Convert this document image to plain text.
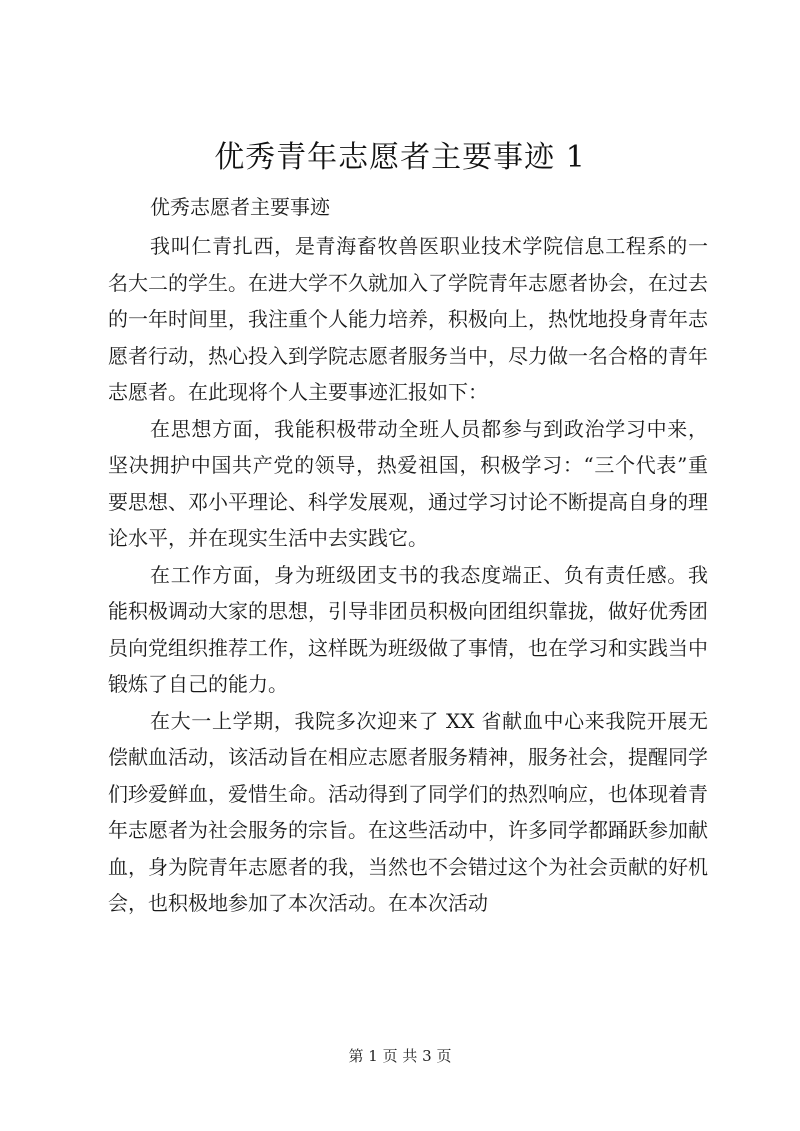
优秀青年志愿者主要事迹 1
优秀志愿者主要事迹

我叫仁青扎西，是青海畜牧兽医职业技术学院信息工程系的一名大二的学生。在进大学不久就加入了学院青年志愿者协会，在过去的一年时间里，我注重个人能力培养，积极向上，热忱地投身青年志愿者行动，热心投入到学院志愿者服务当中，尽力做一名合格的青年志愿者。在此现将个人主要事迹汇报如下：

在思想方面，我能积极带动全班人员都参与到政治学习中来，坚决拥护中国共产党的领导，热爱祖国，积极学习：“三个代表”重要思想、邓小平理论、科学发展观，通过学习讨论不断提高自身的理论水平，并在现实生活中去实践它。

在工作方面，身为班级团支书的我态度端正、负有责任感。我能积极调动大家的思想，引导非团员积极向团组织靠拢，做好优秀团员向党组织推荐工作，这样既为班级做了事情，也在学习和实践当中锻炼了自己的能力。

在大一上学期，我院多次迎来了 XX 省献血中心来我院开展无偿献血活动，该活动旨在相应志愿者服务精神，服务社会，提醒同学们珍爱鲜血，爱惜生命。活动得到了同学们的热烈响应，也体现着青年志愿者为社会服务的宗旨。在这些活动中，许多同学都踊跃参加献血，身为院青年志愿者的我，当然也不会错过这个为社会贡献的好机会，也积极地参加了本次活动。在本次活动

第 1 页 共 3 页
